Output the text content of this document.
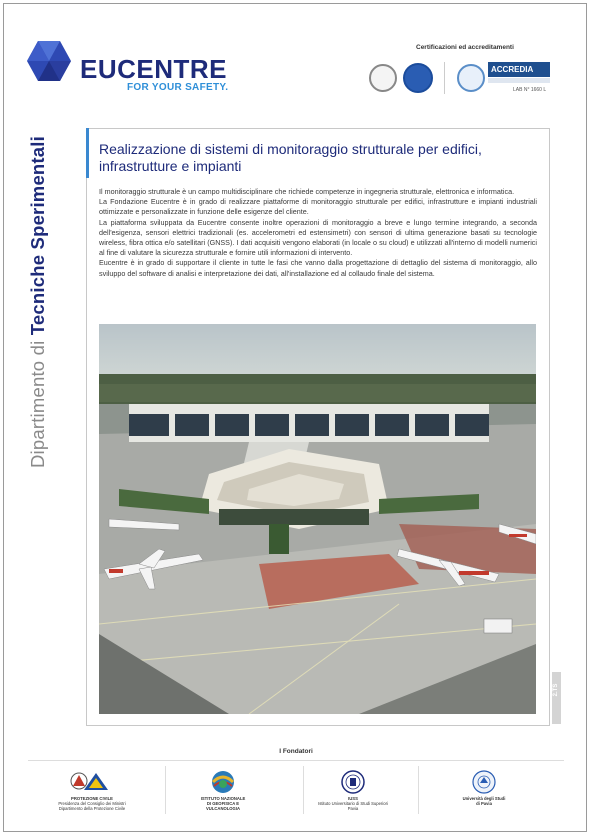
EUCENTRE
FOR YOUR SAFETY.
Certificazioni ed accreditamenti
ACCREDIA
LAB N° 1660 L
Dipartimento di Tecniche Sperimentali	Realizzazione di sistemi di monitoraggio strutturale per edifici, infrastrutture e impianti

Il monitoraggio strutturale è un campo multidisciplinare che richiede competenze in ingegneria strutturale, elettronica e informatica.

La Fondazione Eucentre è in grado di realizzare piattaforme di monitoraggio strutturale per edifici, infrastrutture e impianti industriali ottimizzate e personalizzate in funzione delle esigenze del cliente.

La piattaforma sviluppata da Eucentre consente inoltre operazioni di monitoraggio a breve e lungo termine integrando, a seconda dell'esigenza, sensori elettrici tradizionali (es. accelerometri ed estensimetri) con sensori di ultima generazione basati su tecnologie wireless, fibra ottica e/o satellitari (GNSS). I dati acquisiti vengono elaborati (in locale o su cloud) e utilizzati all'interno di modelli numerici al fine di valutare la sicurezza strutturale e fornire utili informazioni di intervento.

Eucentre è in grado di supportare il cliente in tutte le fasi che vanno dalla progettazione di dettaglio del sistema di monitoraggio, allo sviluppo del software di analisi e interpretazione dei dati, all'installazione ed al collaudo finale del sistema.

2.TS
I Fondatori
PROTEZIONE CIVILE
Presidenza del Consiglio dei Ministri
Dipartimento della Protezione Civile
ISTITUTO NAZIONALE
DI GEOFISICA E VULCANOLOGIA
IUSS
Istituto Universitario di Studi Superiori Pavia
Università degli Studi
di Pavia
